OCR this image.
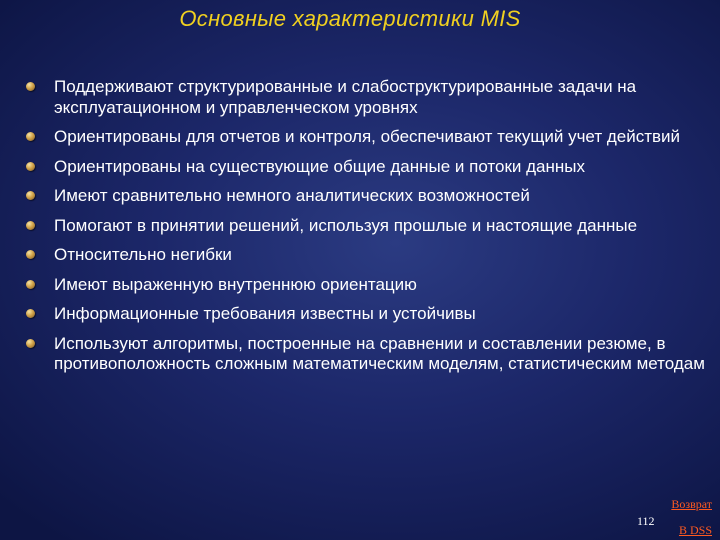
Основные характеристики MIS
Поддерживают структурированные и слабоструктурированные задачи на эксплуатационном и управленческом уровнях
Ориентированы для отчетов и контроля, обеспечивают текущий учет действий
Ориентированы на существующие общие данные и потоки данных
Имеют сравнительно немного аналитических возможностей
Помогают в принятии решений, используя прошлые и настоящие данные
Относительно негибки
Имеют выраженную внутреннюю ориентацию
Информационные требования известны и устойчивы
Используют алгоритмы, построенные на сравнении и составлении резюме, в противоположность сложным математическим моделям, статистическим методам
Возврат
112
В DSS
